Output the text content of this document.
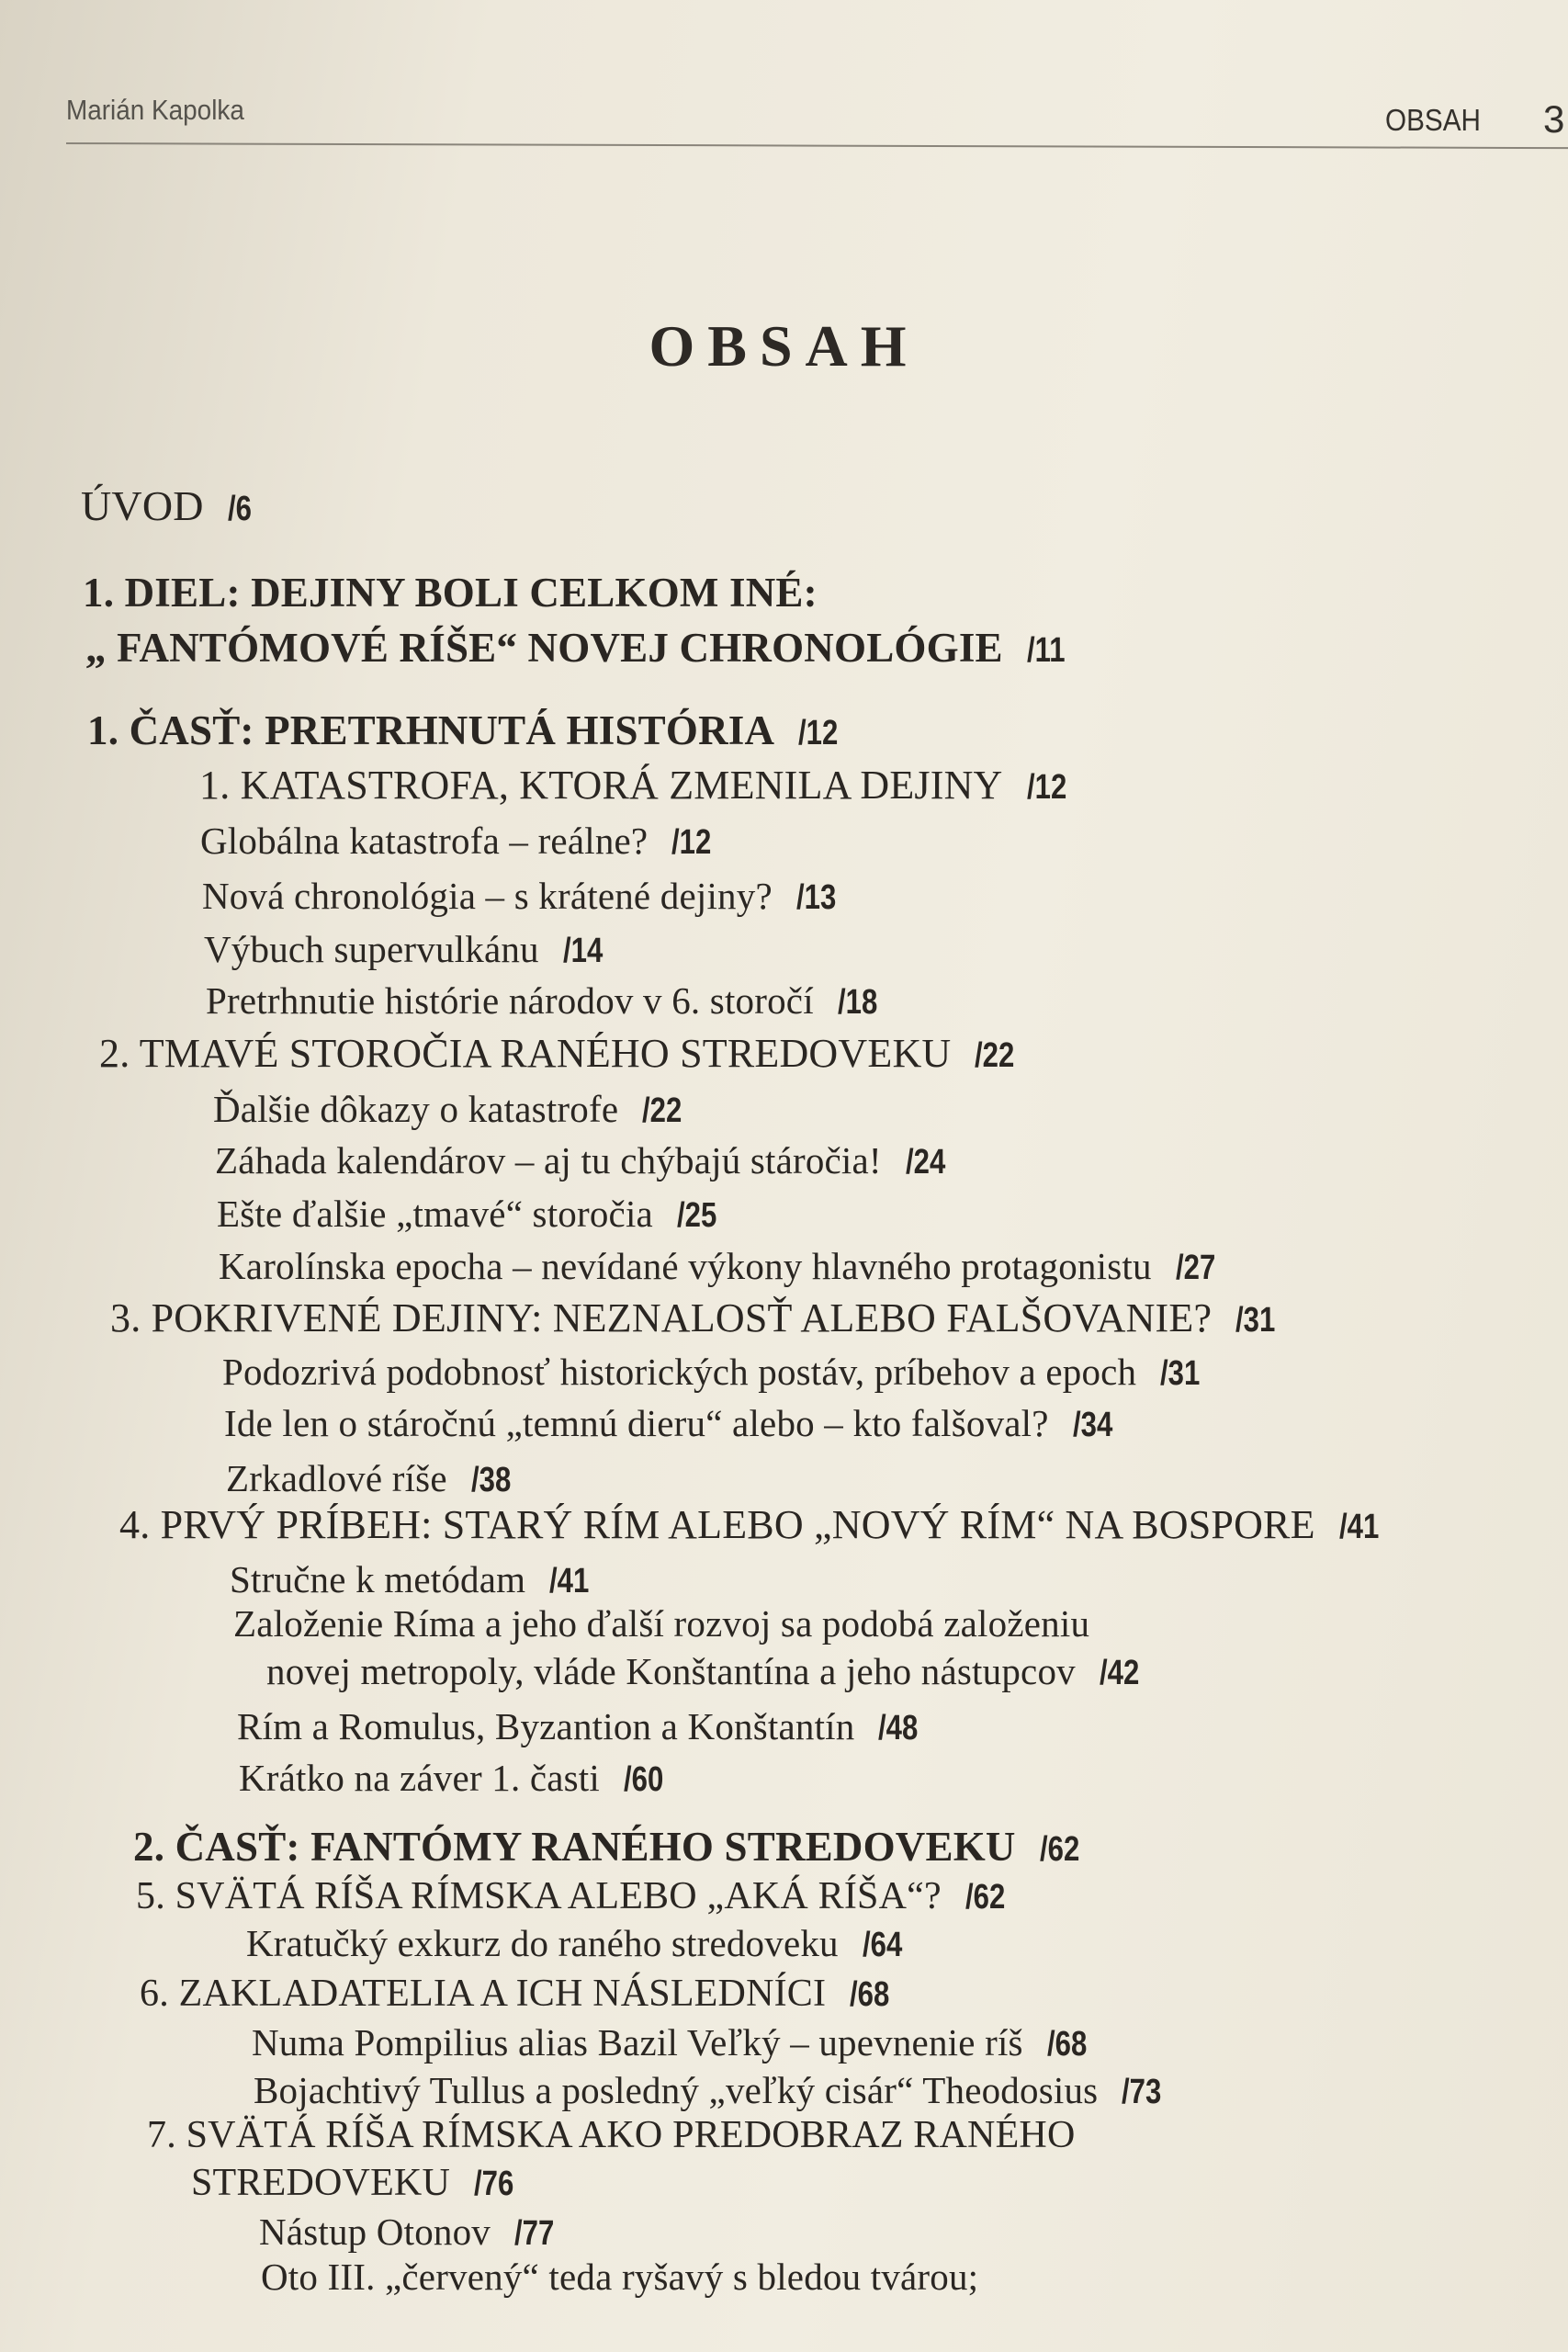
Marián Kapolka	OBSAH 3
OBSAH
ÚVOD /6
1. DIEL: DEJINY BOLI CELKOM INÉ:
„ FANTÓMOVÉ RÍŠE“ NOVEJ CHRONOLÓGIE /11
1. ČASŤ: PRETRHNUTÁ HISTÓRIA /12
1. KATASTROFA, KTORÁ ZMENILA DEJINY /12
Globálna katastrofa – reálne? /12
Nová chronológia – s krátené dejiny? /13
Výbuch supervulkánu /14
Pretrhnutie histórie národov v 6. storočí /18
2. TMAVÉ STOROČIA RANÉHO STREDOVEKU /22
Ďalšie dôkazy o katastrofe /22
Záhada kalendárov – aj tu chýbajú stáročia! /24
Ešte ďalšie „tmavé“ storočia /25
Karolínska epocha – nevídané výkony hlavného protagonistu /27
3. POKRIVENÉ DEJINY: NEZNALOSŤ ALEBO FALŠOVANIE? /31
Podozrivá podobnosť historických postáv, príbehov a epoch /31
Ide len o stáročnú „temnú dieru“ alebo – kto falšoval? /34
Zrkadlové ríše /38
4. PRVÝ PRÍBEH: STARÝ RÍM ALEBO „NOVÝ RÍM“ NA BOSPORE /41
Stručne k metódam /41
Založenie Ríma a jeho ďalší rozvoj sa podobá založeniu
novej metropoly, vláde Konštantína a jeho nástupcov /42
Rím a Romulus, Byzantion a Konštantín /48
Krátko na záver 1. časti /60
2. ČASŤ: FANTÓMY RANÉHO STREDOVEKU /62
5. SVÄTÁ RÍŠA RÍMSKA ALEBO „AKÁ RÍŠA“? /62
Kratučký exkurz do raného stredoveku /64
6. ZAKLADATELIA A ICH NÁSLEDNÍCI /68
Numa Pompilius alias Bazil Veľký – upevnenie ríš /68
Bojachtivý Tullus a posledný „veľký cisár“ Theodosius /73
7. SVÄTÁ RÍŠA RÍMSKA AKO PREDOBRAZ RANÉHO
STREDOVEKU /76
Nástup Otonov /77
Oto III. „červený“ teda ryšavý s bledou tvárou;
